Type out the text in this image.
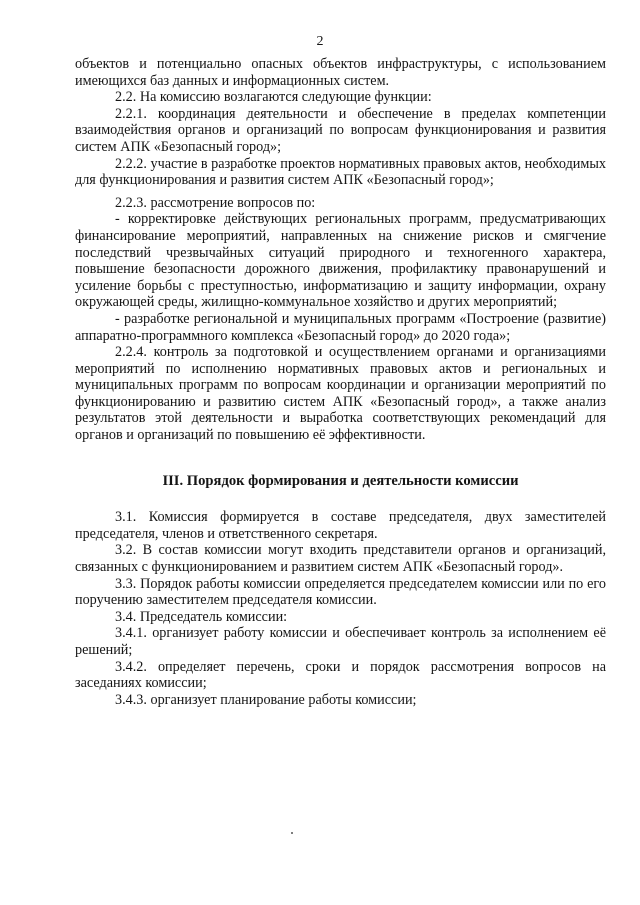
2

объектов и потенциально опасных объектов инфраструктуры, с использованием имеющихся баз данных и информационных систем.

2.2. На комиссию возлагаются следующие функции:

2.2.1. координация деятельности и обеспечение в пределах компетенции взаимодействия органов и организаций по вопросам функционирования и развития систем АПК «Безопасный город»;

2.2.2. участие в разработке проектов нормативных правовых актов, необходимых для функционирования и развития систем АПК «Безопасный город»;

2.2.3. рассмотрение вопросов по:

- корректировке действующих региональных программ, предусматривающих финансирование мероприятий, направленных на снижение рисков и смягчение последствий чрезвычайных ситуаций природного и техногенного характера, повышение безопасности дорожного движения, профилактику правонарушений и усиление борьбы с преступностью, информатизацию и защиту информации, охрану окружающей среды, жилищно-коммунальное хозяйство и других мероприятий;

- разработке региональной и муниципальных программ «Построение (развитие) аппаратно-программного комплекса «Безопасный город» до 2020 года»;

2.2.4. контроль за подготовкой и осуществлением органами и организациями мероприятий по исполнению нормативных правовых актов и региональных и муниципальных программ по вопросам координации и организации мероприятий по функционированию и развитию систем АПК «Безопасный город», а также анализ результатов этой деятельности и выработка соответствующих рекомендаций для органов и организаций по повышению её эффективности.

III. Порядок формирования и деятельности комиссии

3.1. Комиссия формируется в составе председателя, двух заместителей председателя, членов и ответственного секретаря.

3.2. В состав комиссии могут входить представители органов и организаций, связанных с функционированием и развитием систем АПК «Безопасный город».

3.3. Порядок работы комиссии определяется председателем комиссии или по его поручению заместителем председателя комиссии.

3.4. Председатель комиссии:

3.4.1. организует работу комиссии и обеспечивает контроль за исполнением её решений;

3.4.2. определяет перечень, сроки и порядок рассмотрения вопросов на заседаниях комиссии;

3.4.3. организует планирование работы комиссии;
